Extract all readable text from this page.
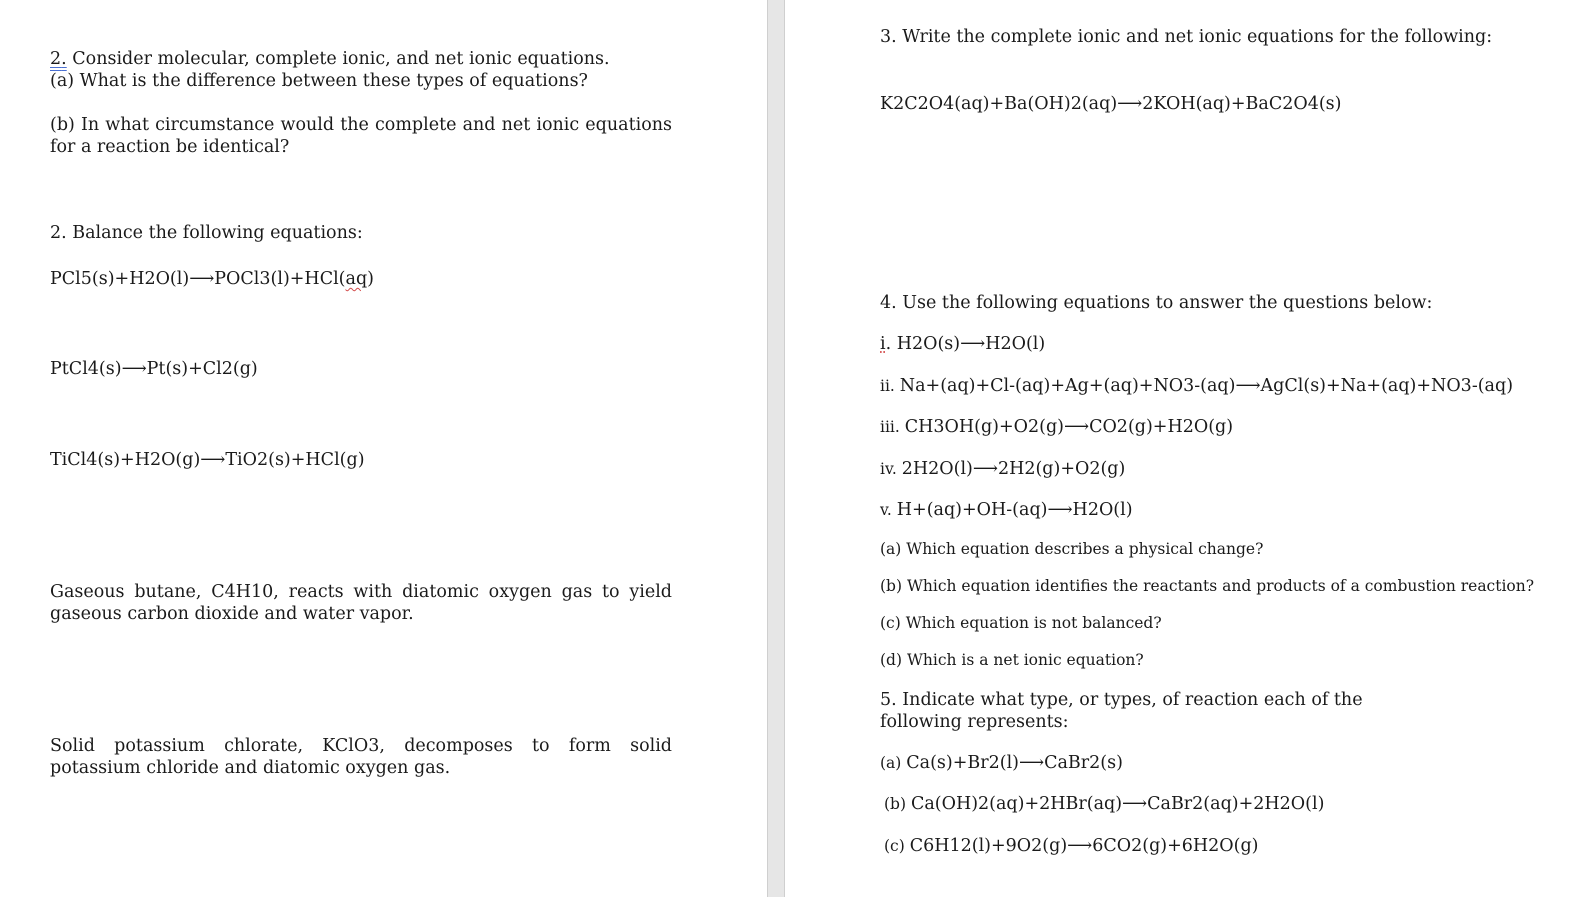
2. Consider molecular, complete ionic, and net ionic equations.
(a) What is the difference between these types of equations?
(b) In what circumstance would the complete and net ionic equations for a reaction be identical?
2. Balance the following equations:
PCl5(s)+H2O(l)⟶POCl3(l)+HCl(aq)
PtCl4(s)⟶Pt(s)+Cl2(g)
TiCl4(s)+H2O(g)⟶TiO2(s)+HCl(g)
Gaseous butane, C4H10, reacts with diatomic oxygen gas to yield gaseous carbon dioxide and water vapor.
Solid potassium chlorate, KClO3, decomposes to form solid potassium chloride and diatomic oxygen gas.
3. Write the complete ionic and net ionic equations for the following:
K2C2O4(aq)+Ba(OH)2(aq)⟶2KOH(aq)+BaC2O4(s)
4. Use the following equations to answer the questions below:
i. H2O(s)⟶H2O(l)
ii. Na+(aq)+Cl-(aq)+Ag+(aq)+NO3-(aq)⟶AgCl(s)+Na+(aq)+NO3-(aq)
iii. CH3OH(g)+O2(g)⟶CO2(g)+H2O(g)
iv. 2H2O(l)⟶2H2(g)+O2(g)
v. H+(aq)+OH-(aq)⟶H2O(l)
(a) Which equation describes a physical change?
(b) Which equation identifies the reactants and products of a combustion reaction?
(c) Which equation is not balanced?
(d) Which is a net ionic equation?
5. Indicate what type, or types, of reaction each of the following represents:
(a) Ca(s)+Br2(l)⟶CaBr2(s)
(b) Ca(OH)2(aq)+2HBr(aq)⟶CaBr2(aq)+2H2O(l)
(c) C6H12(l)+9O2(g)⟶6CO2(g)+6H2O(g)
